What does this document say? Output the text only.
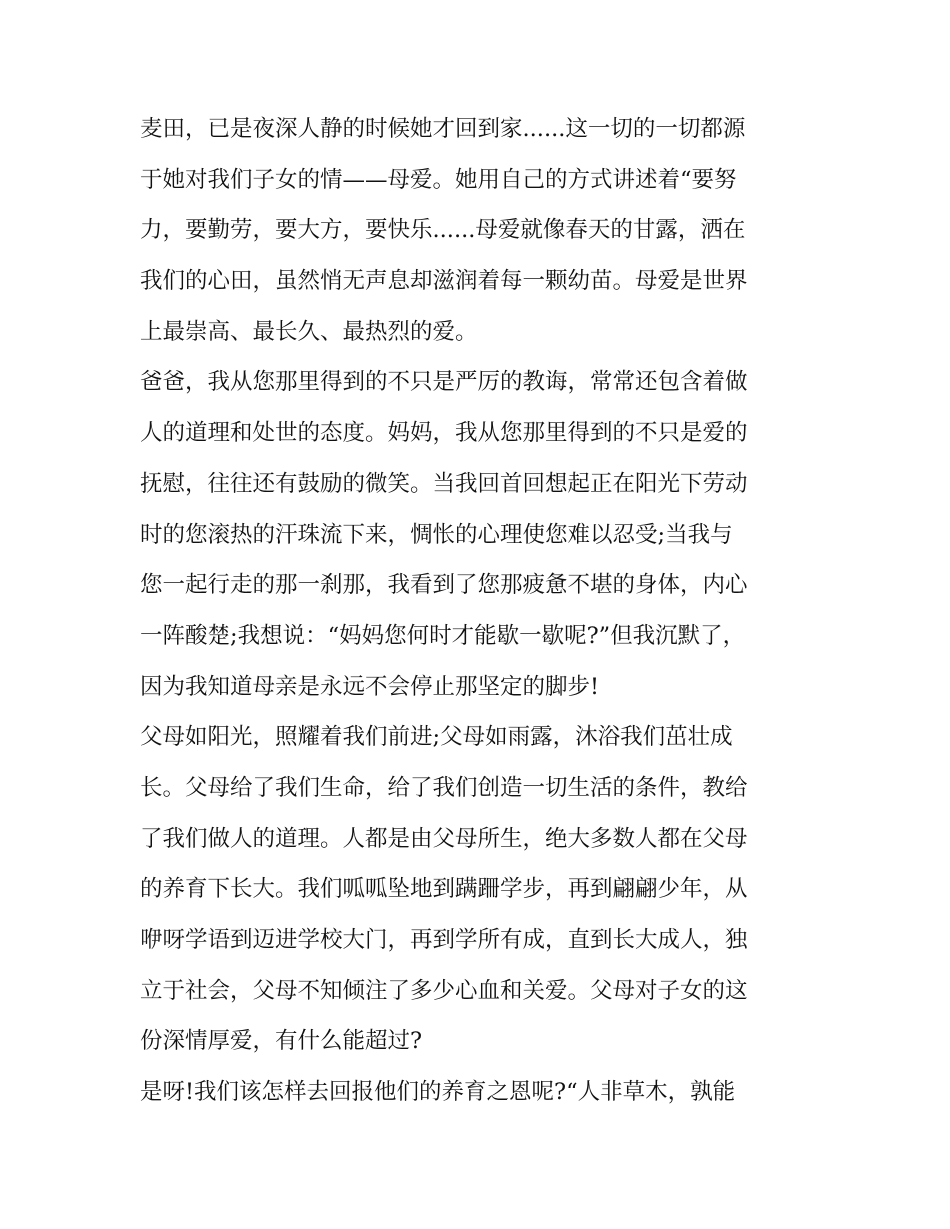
麦田，已是夜深人静的时候她才回到家......这一切的一切都源
于她对我们子女的情——母爱。她用自己的方式讲述着“要努
力，要勤劳，要大方，要快乐......母爱就像春天的甘露，洒在
我们的心田，虽然悄无声息却滋润着每一颗幼苗。母爱是世界
上最崇高、最长久、最热烈的爱。
爸爸，我从您那里得到的不只是严厉的教诲，常常还包含着做
人的道理和处世的态度。妈妈，我从您那里得到的不只是爱的
抚慰，往往还有鼓励的微笑。当我回首回想起正在阳光下劳动
时的您滚热的汗珠流下来，惆怅的心理使您难以忍受;当我与
您一起行走的那一刹那，我看到了您那疲惫不堪的身体，内心
一阵酸楚;我想说：“妈妈您何时才能歇一歇呢?”但我沉默了，
因为我知道母亲是永远不会停止那坚定的脚步!
父母如阳光，照耀着我们前进;父母如雨露，沐浴我们茁壮成
长。父母给了我们生命，给了我们创造一切生活的条件，教给
了我们做人的道理。人都是由父母所生，绝大多数人都在父母
的养育下长大。我们呱呱坠地到蹒跚学步，再到翩翩少年，从
咿呀学语到迈进学校大门，再到学所有成，直到长大成人，独
立于社会，父母不知倾注了多少心血和关爱。父母对子女的这
份深情厚爱，有什么能超过?
是呀!我们该怎样去回报他们的养育之恩呢?“人非草木，孰能
